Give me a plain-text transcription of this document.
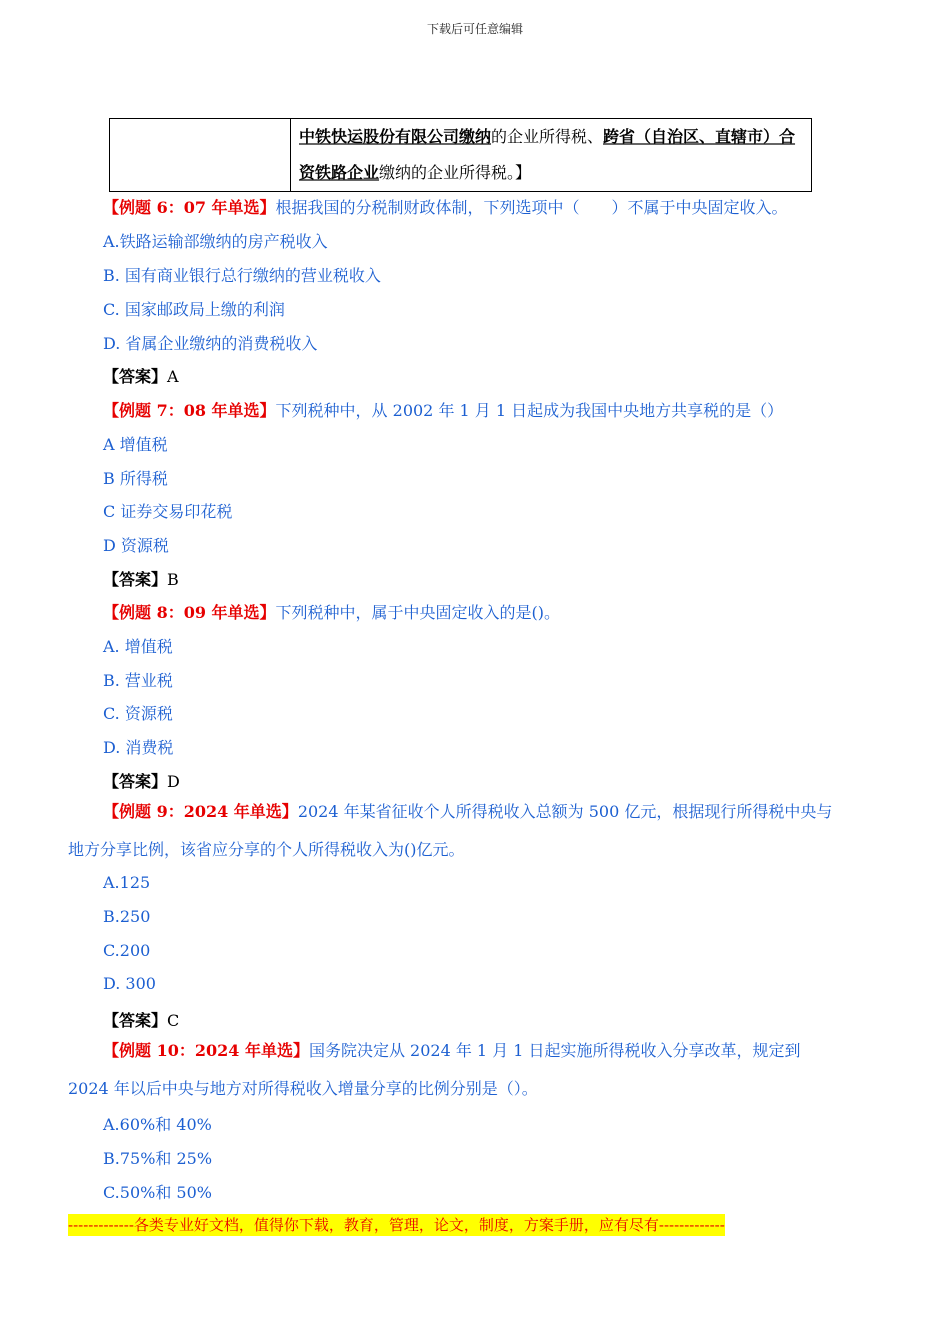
下载后可任意编辑
	中铁快运股份有限公司缴纳的企业所得税、跨省（自治区、直辖市）合资铁路企业缴纳的企业所得税。】
【例题 6：07 年单选】根据我国的分税制财政体制，下列选项中（　　）不属于中央固定收入。
A.铁路运输部缴纳的房产税收入
B. 国有商业银行总行缴纳的营业税收入
C. 国家邮政局上缴的利润
D. 省属企业缴纳的消费税收入
【答案】A
【例题 7：08 年单选】下列税种中，从 2002 年 1 月 1 日起成为我国中央地方共享税的是（）
A 增值税
B 所得税
C 证券交易印花税
D 资源税
【答案】B
【例题 8：09 年单选】下列税种中，属于中央固定收入的是()。
A. 增值税
B. 营业税
C. 资源税
D. 消费税
【答案】D
【例题 9：2024 年单选】2024 年某省征收个人所得税收入总额为 500 亿元，根据现行所得税中央与地方分享比例，该省应分享的个人所得税收入为()亿元。
A.125
B.250
C.200
D. 300
【答案】C
【例题 10：2024 年单选】国务院决定从 2024 年 1 月 1 日起实施所得税收入分享改革，规定到 2024 年以后中央与地方对所得税收入增量分享的比例分别是（）。
A.60%和 40%
B.75%和 25%
C.50%和 50%
-------------各类专业好文档，值得你下载，教育，管理，论文，制度，方案手册，应有尽有-------------
